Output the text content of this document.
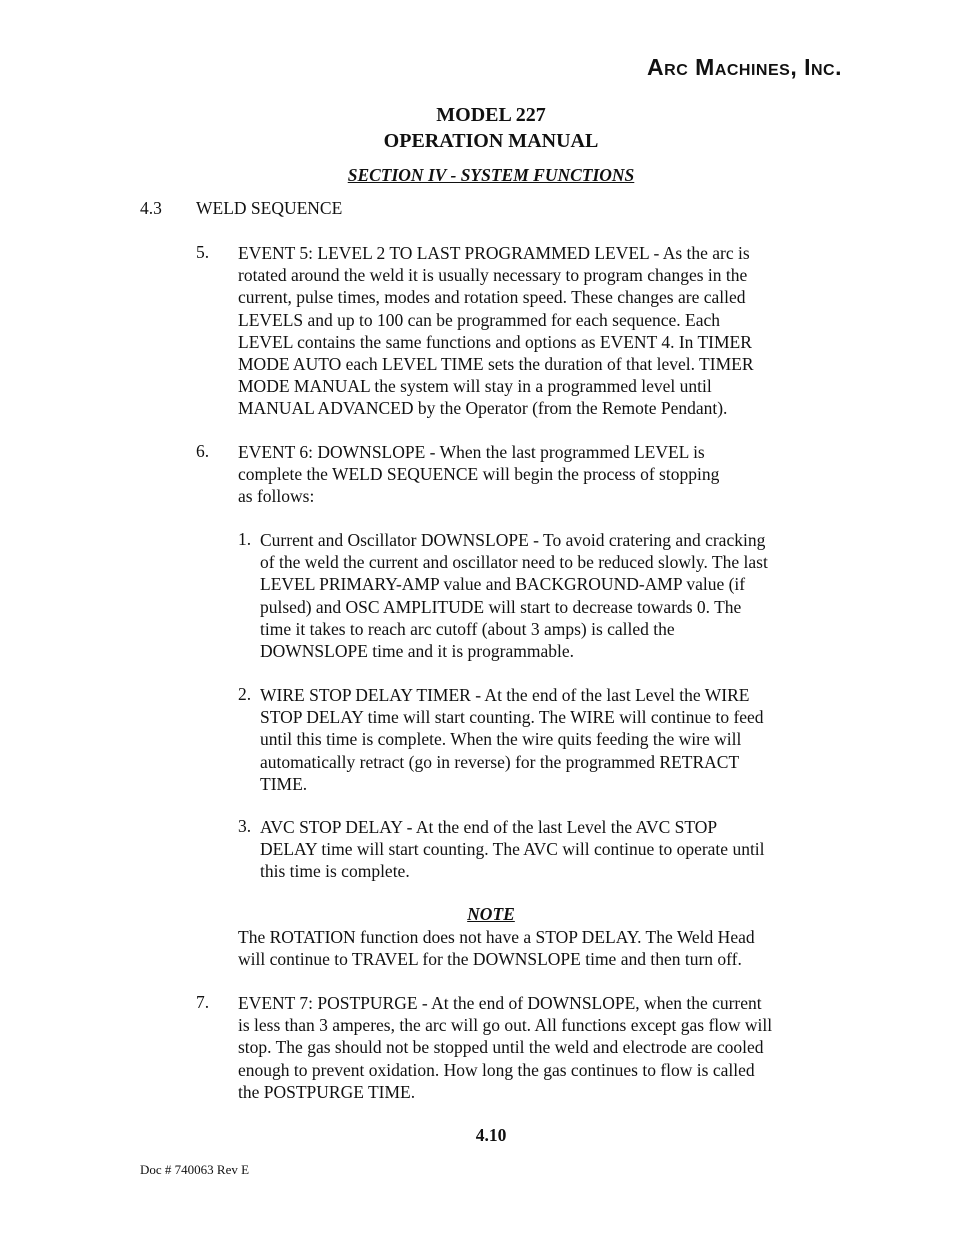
Arc Machines, Inc.
MODEL 227
OPERATION MANUAL
SECTION IV - SYSTEM FUNCTIONS
4.3 WELD SEQUENCE
5. EVENT 5: LEVEL 2 TO LAST PROGRAMMED LEVEL - As the arc is
rotated around the weld it is usually necessary to program changes in the
current, pulse times, modes and rotation speed. These changes are called
LEVELS and up to 100 can be programmed for each sequence. Each
LEVEL contains the same functions and options as EVENT 4. In TIMER
MODE AUTO each LEVEL TIME sets the duration of that level. TIMER
MODE MANUAL the system will stay in a programmed level until
MANUAL ADVANCED by the Operator (from the Remote Pendant).
6. EVENT 6: DOWNSLOPE - When the last programmed LEVEL is
complete the WELD SEQUENCE will begin the process of stopping
as follows:
1. Current and Oscillator DOWNSLOPE - To avoid cratering and cracking
of the weld the current and oscillator need to be reduced slowly. The last
LEVEL PRIMARY-AMP value and BACKGROUND-AMP value (if
pulsed) and OSC AMPLITUDE will start to decrease towards 0. The
time it takes to reach arc cutoff (about 3 amps) is called the
DOWNSLOPE time and it is programmable.
2. WIRE STOP DELAY TIMER - At the end of the last Level the WIRE
STOP DELAY time will start counting. The WIRE will continue to feed
until this time is complete. When the wire quits feeding the wire will
automatically retract (go in reverse) for the programmed RETRACT
TIME.
3. AVC STOP DELAY - At the end of the last Level the AVC STOP
DELAY time will start counting. The AVC will continue to operate until
this time is complete.
NOTE
The ROTATION function does not have a STOP DELAY. The Weld Head
will continue to TRAVEL for the DOWNSLOPE time and then turn off.
7. EVENT 7: POSTPURGE - At the end of DOWNSLOPE, when the current
is less than 3 amperes, the arc will go out. All functions except gas flow will
stop. The gas should not be stopped until the weld and electrode are cooled
enough to prevent oxidation. How long the gas continues to flow is called
the POSTPURGE TIME.
4.10
Doc # 740063 Rev E
